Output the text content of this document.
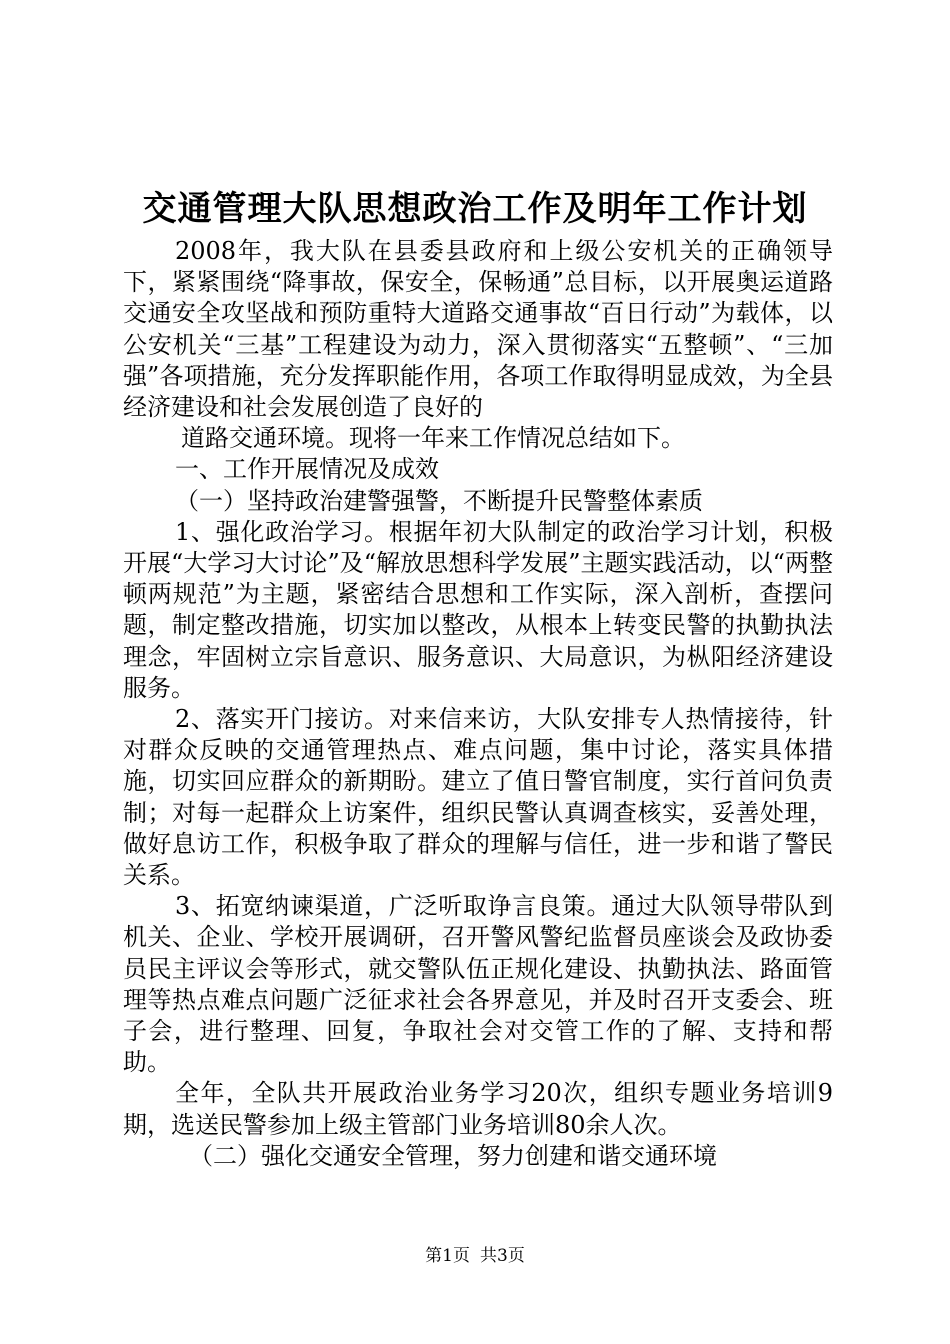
交通管理大队思想政治工作及明年工作计划

2008年，我大队在县委县政府和上级公安机关的正确领导下，紧紧围绕“降事故，保安全，保畅通”总目标，以开展奥运道路交通安全攻坚战和预防重特大道路交通事故“百日行动”为载体，以公安机关“三基”工程建设为动力，深入贯彻落实“五整顿”、“三加强”各项措施，充分发挥职能作用，各项工作取得明显成效，为全县经济建设和社会发展创造了良好的

道路交通环境。现将一年来工作情况总结如下。

一、工作开展情况及成效

（一）坚持政治建警强警，不断提升民警整体素质

1、强化政治学习。根据年初大队制定的政治学习计划，积极开展“大学习大讨论”及“解放思想科学发展”主题实践活动，以“两整顿两规范”为主题，紧密结合思想和工作实际，深入剖析，查摆问题，制定整改措施，切实加以整改，从根本上转变民警的执勤执法理念，牢固树立宗旨意识、服务意识、大局意识，为枞阳经济建设服务。

2、落实开门接访。对来信来访，大队安排专人热情接待，针对群众反映的交通管理热点、难点问题，集中讨论，落实具体措施，切实回应群众的新期盼。建立了值日警官制度，实行首问负责制；对每一起群众上访案件，组织民警认真调查核实，妥善处理，做好息访工作，积极争取了群众的理解与信任，进一步和谐了警民关系。

3、拓宽纳谏渠道，广泛听取诤言良策。通过大队领导带队到机关、企业、学校开展调研，召开警风警纪监督员座谈会及政协委员民主评议会等形式，就交警队伍正规化建设、执勤执法、路面管理等热点难点问题广泛征求社会各界意见，并及时召开支委会、班子会，进行整理、回复，争取社会对交管工作的了解、支持和帮助。

全年，全队共开展政治业务学习20次，组织专题业务培训9期，选送民警参加上级主管部门业务培训80余人次。

（二）强化交通安全管理，努力创建和谐交通环境

第1页 共3页
